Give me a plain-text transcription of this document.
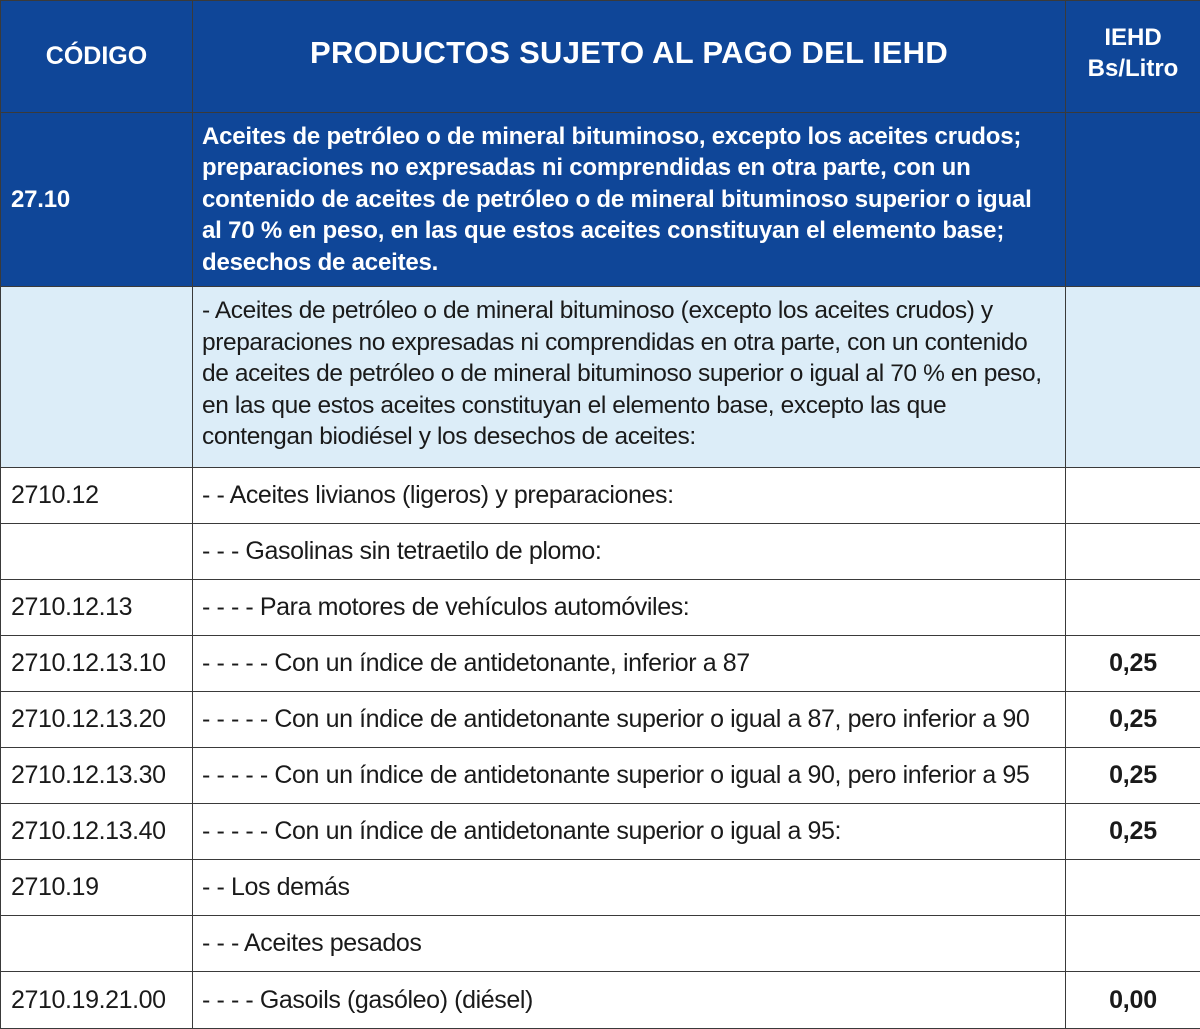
CÓDIGO	PRODUCTOS SUJETO AL PAGO DEL IEHD	IEHD
Bs/Litro

27.10	Aceites de petróleo o de mineral bituminoso, excepto los aceites crudos; preparaciones no expresadas ni comprendidas en otra parte, con un contenido de aceites de petróleo o de mineral bituminoso superior o igual al 70 % en peso, en las que estos aceites constituyan el elemento base; desechos de aceites.	
	- Aceites de petróleo o de mineral bituminoso (excepto los aceites crudos) y preparaciones no expresadas ni comprendidas en otra parte, con un contenido de aceites de petróleo o de mineral bituminoso superior o igual al 70 % en peso, en las que estos aceites constituyan el elemento base, excepto las que contengan biodiésel y los desechos de aceites:	
2710.12	- - Aceites livianos (ligeros) y preparaciones:	
	- - - Gasolinas sin tetraetilo de plomo:	
2710.12.13	- - - - Para motores de vehículos automóviles:	
2710.12.13.10	- - - - - Con un índice de antidetonante, inferior a 87	0,25
2710.12.13.20	- - - - - Con un índice de antidetonante superior o igual a 87, pero inferior a 90	0,25
2710.12.13.30	- - - - - Con un índice de antidetonante superior o igual a 90, pero inferior a 95	0,25
2710.12.13.40	- - - - - Con un índice de antidetonante superior o igual a 95:	0,25
2710.19	- - Los demás	
	- - - Aceites pesados	
2710.19.21.00	- - - - Gasoils (gasóleo) (diésel)	0,00
